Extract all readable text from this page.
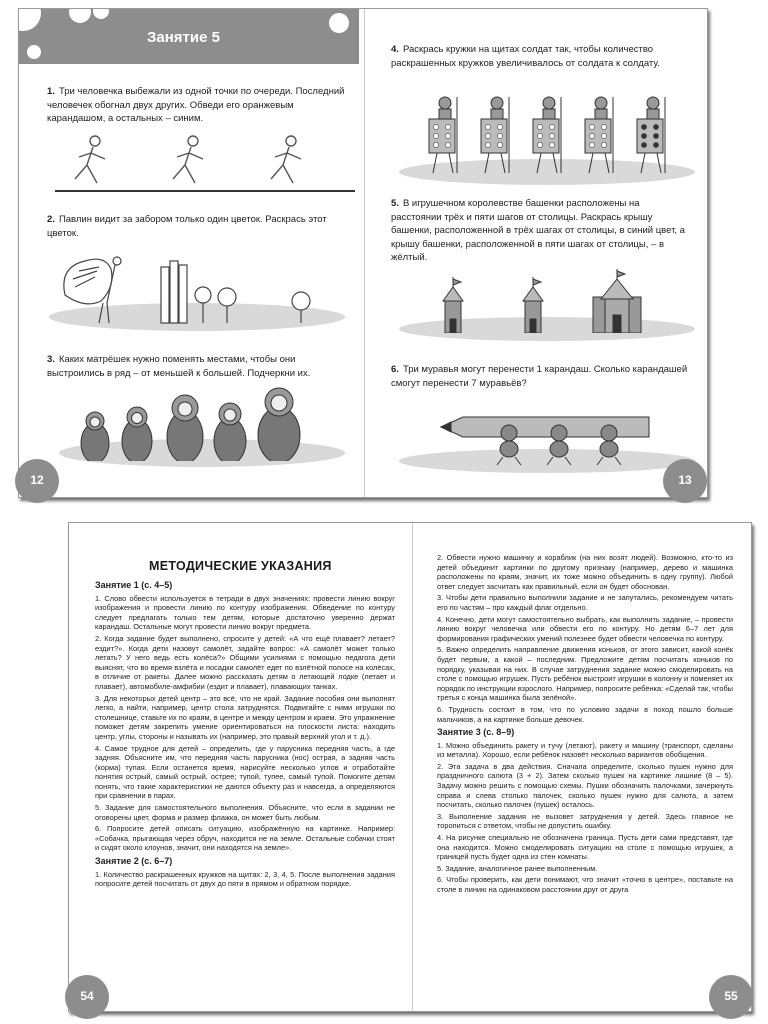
Занятие 5
1. Три человечка выбежали из одной точки по очереди. Последний человечек обогнал двух других. Обведи его оранжевым карандашом, а остальных – синим.
2. Павлин видит за забором только один цветок. Раскрась этот цветок.
3. Каких матрёшек нужно поменять местами, чтобы они выстроились в ряд – от меньшей к большей. Подчеркни их.
12
4. Раскрась кружки на щитах солдат так, чтобы количество раскрашенных кружков увеличивалось от солдата к солдату.
5. В игрушечном королевстве башенки расположены на расстоянии трёх и пяти шагов от столицы. Раскрась крышу башенки, расположенной в трёх шагах от столицы, в синий цвет, а крышу башенки, расположенной в пяти шагах от столицы, – в жёлтый.
6. Три муравья могут перенести 1 карандаш. Сколько карандашей смогут перенести 7 муравьёв?
13
МЕТОДИЧЕСКИЕ УКАЗАНИЯ
Занятие 1 (с. 4–5)

1. Слово обвести используется в тетради в двух значениях: провести линию вокруг изображения и провести линию по контуру изображения. Обведение по контуру следует предлагать только тем детям, которые достаточно уверенно держат карандаш. Остальные могут провести линию вокруг предмета.

2. Когда задание будет выполнено, спросите у детей: «А что ещё плавает? летает? ездит?». Когда дети назовут самолёт, задайте вопрос: «А самолёт может только летать? У него ведь есть колёса?» Общими усилиями с помощью педагога дети выяснят, что во время взлёта и посадки самолёт едет по взлётной полосе на колёсах, в отличие от ракеты. Далее можно рассказать детям о летающей лодке (летает и плавает), автомобиле-амфибии (ездит и плавает), плавающих танках.

3. Для некоторых детей центр – это всё, что не край. Задание пособия они выполнят легко, а найти, например, центр стола затруднятся. Подвигайте с ними игрушки по столешнице, ставьте их по краям, в центре и между центром и краем. Это упражнение поможет детям закрепить умение ориентироваться на плоскости листа: находить центр, углы, стороны и называть их (например, это правый верхний угол и т. д.).

4. Самое трудное для детей – определить, где у парусника передняя часть, а где задняя. Объясните им, что передняя часть парусника (нос) острая, а задняя часть (корма) тупая. Если останется время, нарисуйте несколько углов и отработайте понятия острый, самый острый, острее; тупой, тупее, самый тупой. Помогите детям понять, что такие характеристики не даются объекту раз и навсегда, а определяются при сравнении в парах.

5. Задание для самостоятельного выполнения. Объясните, что если в задании не оговорены цвет, форма и размер флажка, он может быть любым.

6. Попросите детей описать ситуацию, изображённую на картинке. Например: «Собачка, прыгающая через обруч, находится не на земле. Остальные собачки стоят и сидят около клоунов, значит, они находятся на земле».

Занятие 2 (с. 6–7)

1. Количество раскрашенных кружков на щитах: 2, 3, 4, 5. После выполнения задания попросите детей посчитать от двух до пяти в прямом и обратном порядке.

2. Обвести нужно машинку и кораблик (на них возят людей). Возможно, кто-то из детей объединит картинки по другому признаку (например, дерево и машинка расположены по краям, значит, их тоже можно объединить в одну группу). Любой ответ следует засчитать как правильный, если он будет обоснован.

3. Чтобы дети правильно выполнили задание и не запутались, рекомендуем читать его по частям – про каждый флаг отдельно.

4. Конечно, дети могут самостоятельно выбрать, как выполнить задание, – провести линию вокруг человечка или обвести его по контуру. Но детям 6–7 лет для формирования графических умений полезнее будет обвести человечка по контуру.

5. Важно определить направление движения коньков, от этого зависит, какой конёк будет первым, а какой – последним. Предложите детям посчитать коньков по порядку, указывая на них. В случае затруднения задание можно смоделировать на столе с помощью игрушек. Пусть ребёнок выстроит игрушки в колонну и поменяет их порядок по инструкции взрослого. Например, попросите ребёнка: «Сделай так, чтобы третья с конца машинка была зелёной».

6. Трудность состоит в том, что по условию задачи в поход пошло больше мальчиков, а на картинке больше девочек.

Занятие 3 (с. 8–9)

1. Можно объединить ракету и тучу (летают), ракету и машину (транспорт, сделаны из металла). Хорошо, если ребёнок назовёт несколько вариантов обобщения.

2. Эта задача в два действия. Сначала определите, сколько пушек нужно для праздничного салюта (3 + 2). Затем сколько пушек на картинке лишние (8 – 5). Задачу можно решить с помощью схемы. Пушки обозначить палочками, зачеркнуть справа и слева столько палочек, сколько пушек нужно для салюта, а затем посчитать, сколько палочек (пушек) осталось.

3. Выполнение задания не вызовет затруднения у детей. Здесь главное не торопиться с ответом, чтобы не допустить ошибку.

4. На рисунке специально не обозначена граница. Пусть дети сами представят, где она находится. Можно смоделировать ситуацию на столе с помощью игрушек, а границей пусть будет одна из стен комнаты.

5. Задание, аналогичное ранее выполненным.

6. Чтобы проверить, как дети понимают, что значит «точно в центре», поставьте на столе в линию на одинаковом расстоянии друг от друга

54	55
